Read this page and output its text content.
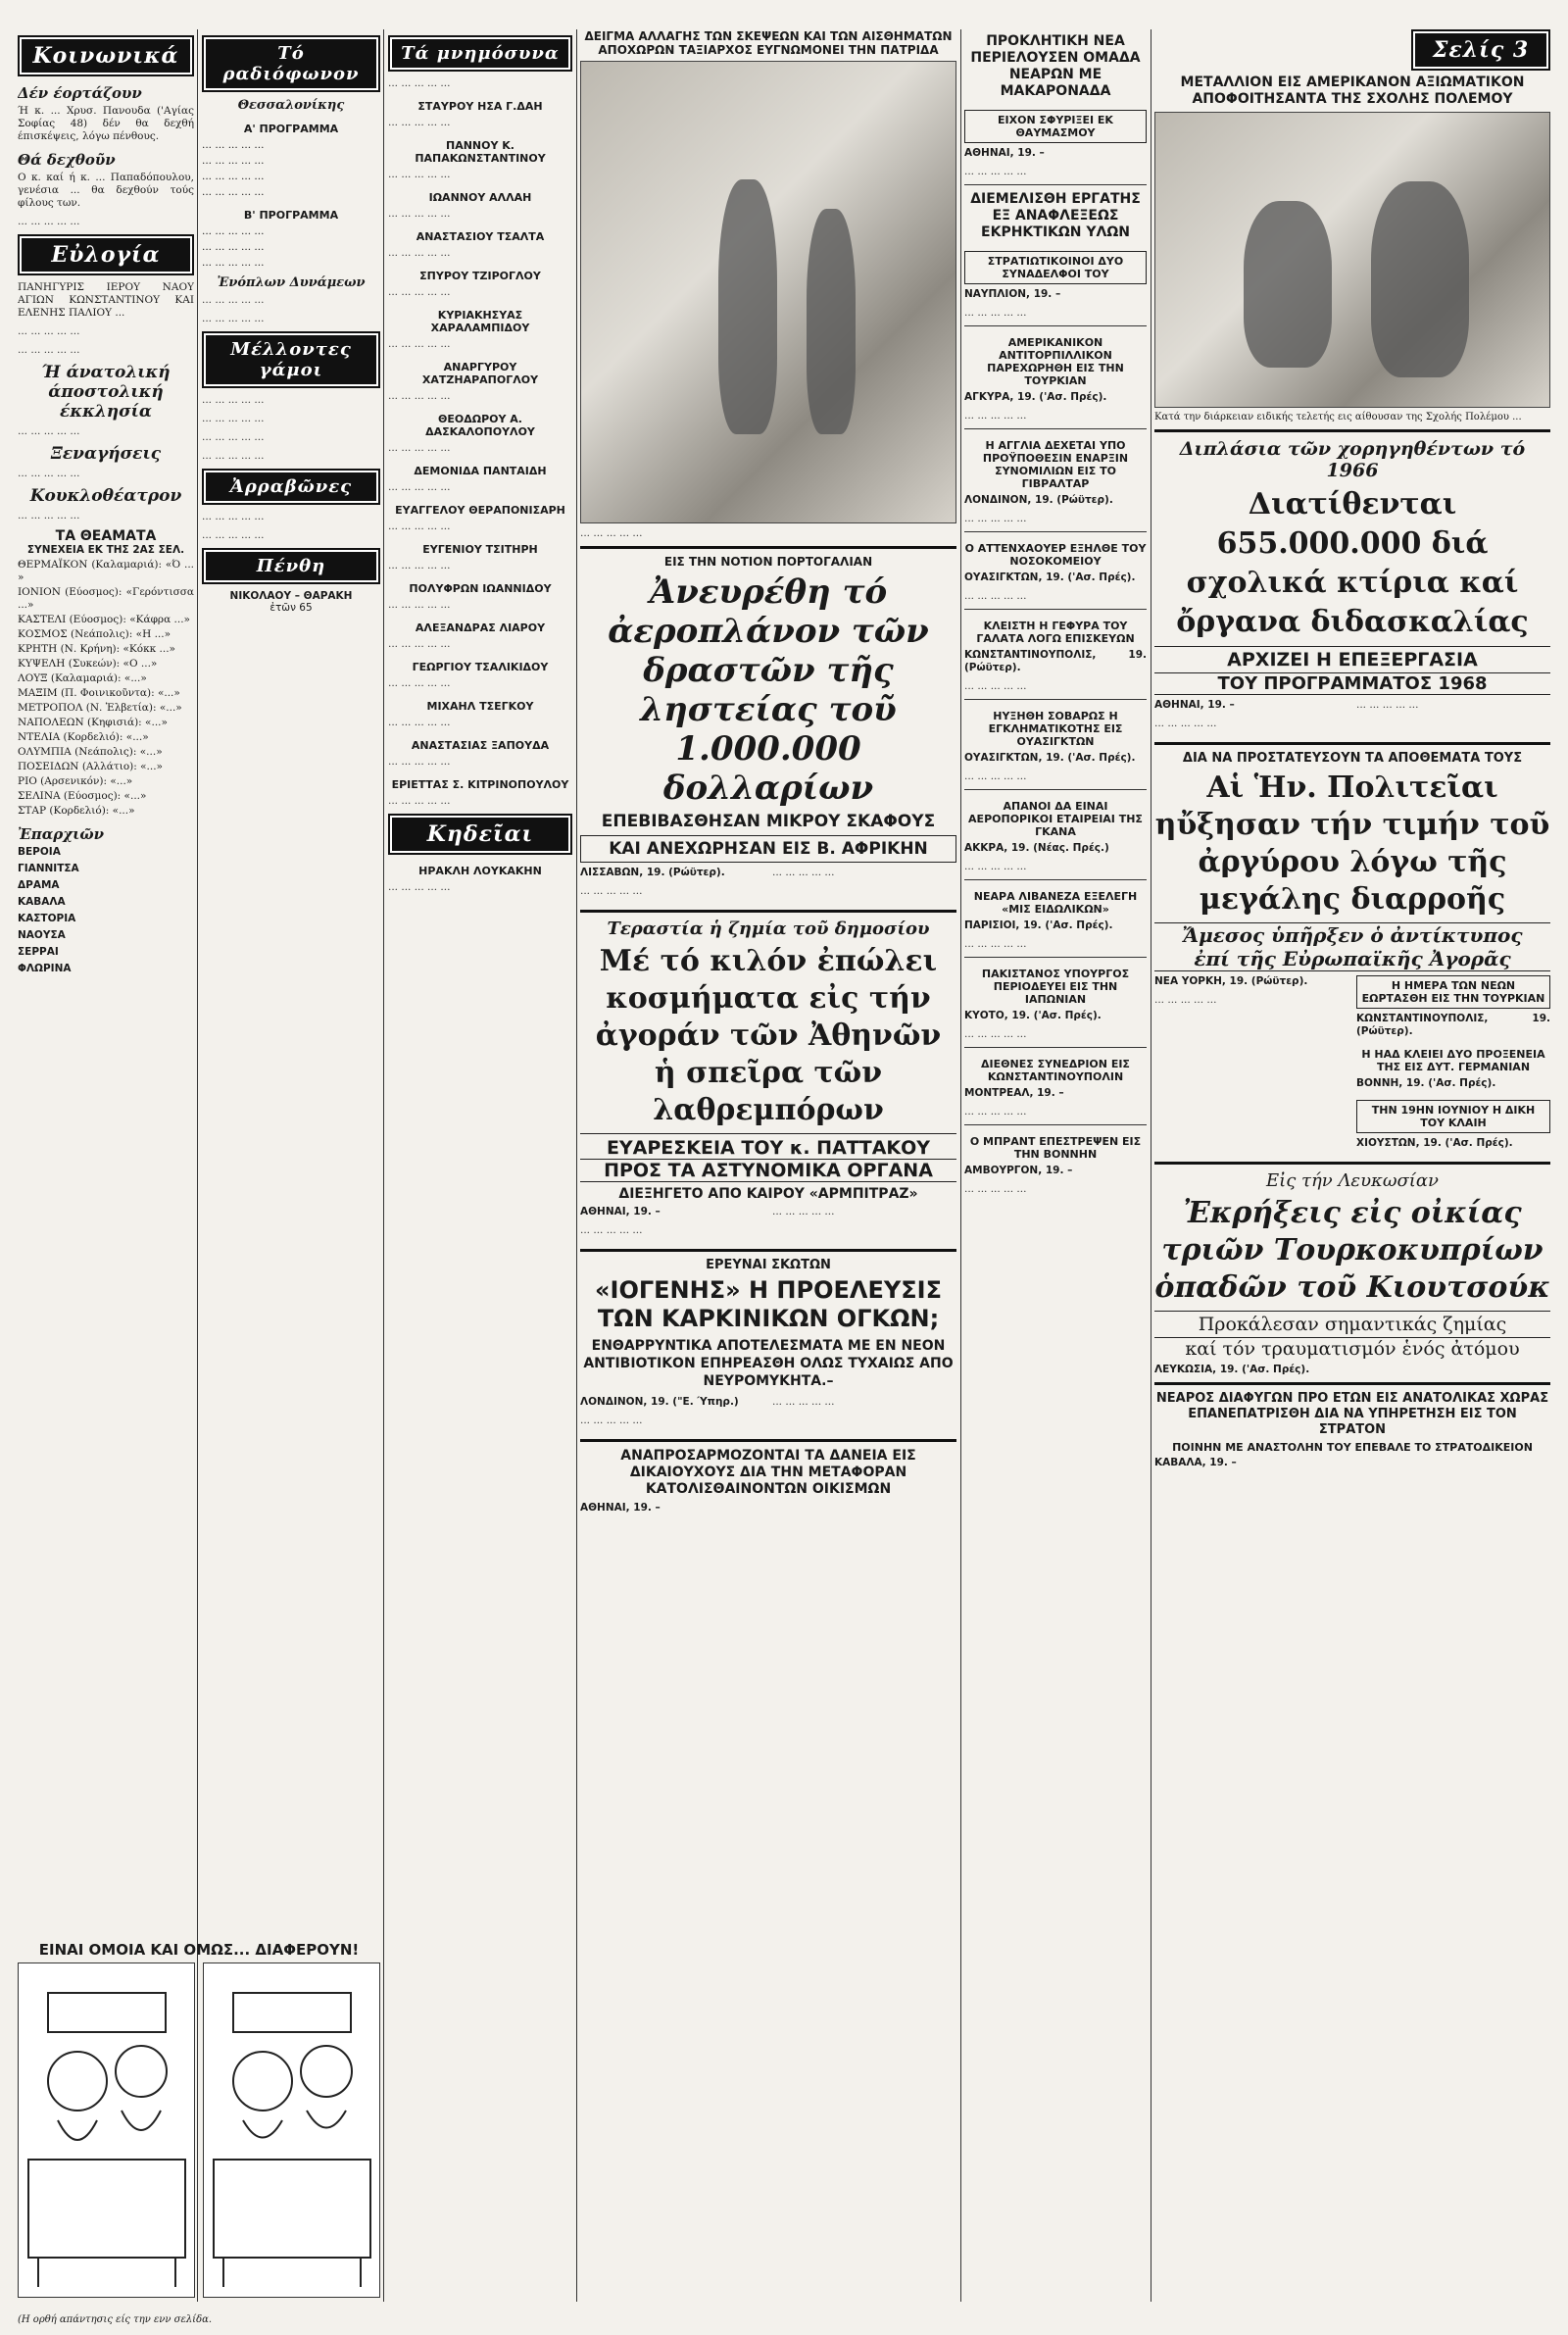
Κοινωνικά
Δέν έορτάζουν

Ή κ. ... Χρυσ. Πανουδα ('Αγίας Σοφίας 48) δέν θα δεχθή έπισκέψεις, λόγω πένθους.

Θά δεχθοῦν

Ο κ. καί ή κ. ... Παπαδόπουλου, γενέσια ... θα δεχθούν τούς φίλους των.

... ... ... ... ...

Εὐλογία

ΠΑΝΗΓΥΡΙΣ ΙΕΡΟΥ ΝΑΟΥ ΑΓΙΩΝ ΚΩΝΣΤΑΝΤΙΝΟΥ ΚΑΙ ΕΛΕΝΗΣ ΠΑΛΙΟΥ ...

... ... ... ... ...

... ... ... ... ...

Ή άνατολική άποστολική έκκλησία

... ... ... ... ...

Ξεναγήσεις

... ... ... ... ...

Κουκλοθέατρον

... ... ... ... ...

ΤΑ ΘΕΑΜΑΤΑ
ΣΥΝΕΧΕΙΑ ΕΚ ΤΗΣ 2ΑΣ ΣΕΛ.

ΘΕΡΜΑΪΚΟΝ (Καλαμαριά): «Ό ... »

ΙΟΝΙΟΝ (Εύοσμος): «Γερόντισσα ...»

ΚΑΣΤΕΛΙ (Εύοσμος): «Κάφρα ...»

ΚΟΣΜΟΣ (Νεάπολις): «Η ...»

ΚΡΗΤΗ (Ν. Κρήνη): «Κόκκ ...»

ΚΥΨΕΛΗ (Συκεών): «Ο ...»

ΛΟΥΞ (Καλαμαριά): «...»

ΜΑΞΙΜ (Π. Φοινικοῦντα): «...»

ΜΕΤΡΟΠΟΛ (Ν. Ἐλβετία): «...»

ΝΑΠΟΛΕΩΝ (Κηφισιά): «...»

ΝΤΕΛΙΑ (Κορδελιό): «...»

ΟΛΥΜΠΙΑ (Νεάπολις): «...»

ΠΟΣΕΙΔΩΝ (Αλλάτιο): «...»

ΡΙΟ (Αρσενικόν): «...»

ΣΕΛΙΝΑ (Εύοσμος): «...»

ΣΤΑΡ (Κορδελιό): «...»

Ἐπαρχιῶν

ΒΕΡΟΙΑ

ΓΙΑΝΝΙΤΣΑ

ΔΡΑΜΑ

ΚΑΒΑΛΑ

ΚΑΣΤΟΡΙΑ

ΝΑΟΥΣΑ

ΣΕΡΡΑΙ

ΦΛΩΡΙΝΑ

ΕΙΝΑΙ ΟΜΟΙΑ ΚΑΙ ΟΜΩΣ... ΔΙΑΦΕΡΟΥΝ!
(Η ορθή απάντησις είς την ενν σελίδα.
Τό ραδιόφωνον
Θεσσαλονίκης
Α' ΠΡΟΓΡΑΜΜΑ

... ... ... ... ...

... ... ... ... ...

... ... ... ... ...

... ... ... ... ...

Β' ΠΡΟΓΡΑΜΜΑ

... ... ... ... ...

... ... ... ... ...

... ... ... ... ...

Ἐνόπλων Δυνάμεων

... ... ... ... ...

... ... ... ... ...

Μέλλοντες γάμοι

... ... ... ... ...

... ... ... ... ...

... ... ... ... ...

... ... ... ... ...

Ἀρραβῶνες

... ... ... ... ...

... ... ... ... ...

Πένθη
ΝΙΚΟΛΑΟΥ – ΘΑΡΑΚΗ
ἐτῶν 65
Τά μνημόσυνα

... ... ... ... ...

ΣΤΑΥΡΟΥ ΗΣΑ Γ.ΔΑΗ

... ... ... ... ...

ΠΑΝΝΟΥ Κ. ΠΑΠΑΚΩΝΣΤΑΝΤΙΝΟΥ

... ... ... ... ...

ΙΩΑΝΝΟΥ ΑΛΛΑΗ

... ... ... ... ...

ΑΝΑΣΤΑΣΙΟΥ ΤΣΑΛΤΑ

... ... ... ... ...

ΣΠΥΡΟΥ ΤΖΙΡΟΓΛΟΥ

... ... ... ... ...

ΚΥΡΙΑΚΗΣΥΑΣ ΧΑΡΑΛΑΜΠΙΔΟΥ

... ... ... ... ...

ΑΝΑΡΓΥΡΟΥ ΧΑΤΖΗΑΡΑΠΟΓΛΟΥ

... ... ... ... ...

ΘΕΟΔΩΡΟΥ Α. ΔΑΣΚΑΛΟΠΟΥΛΟΥ

... ... ... ... ...

ΔΕΜΟΝΙΔΑ ΠΑΝΤΑΙΔΗ

... ... ... ... ...

ΕΥΑΓΓΕΛΟΥ ΘΕΡΑΠΟΝΙΣΑΡΗ

... ... ... ... ...

ΕΥΓΕΝΙΟΥ ΤΣΙΤΗΡΗ

... ... ... ... ...

ΠΟΛΥΦΡΩΝ ΙΩΑΝΝΙΔΟΥ

... ... ... ... ...

ΑΛΕΞΑΝΔΡΑΣ ΛΙΑΡΟΥ

... ... ... ... ...

ΓΕΩΡΓΙΟΥ ΤΣΑΛΙΚΙΔΟΥ

... ... ... ... ...

ΜΙΧΑΗΛ ΤΣΕΓΚΟΥ

... ... ... ... ...

ΑΝΑΣΤΑΣΙΑΣ ΞΑΠΟΥΔΑ

... ... ... ... ...

ΕΡΙΕΤΤΑΣ Σ. ΚΙΤΡΙΝΟΠΟΥΛΟΥ

... ... ... ... ...

Κηδεῖαι
ΗΡΑΚΛΗ ΛΟΥΚΑΚΗΝ

... ... ... ... ...

ΔΕΙΓΜΑ ΑΛΛΑΓΗΣ ΤΩΝ ΣΚΕΨΕΩΝ ΚΑΙ ΤΩΝ ΑΙΣΘΗΜΑΤΩΝ
ΑΠΟΧΩΡΩΝ ΤΑΞΙΑΡΧΟΣ ΕΥΓΝΩΜΟΝΕΙ ΤΗΝ ΠΑΤΡΙΔΑ

... ... ... ... ...

ΕΙΣ ΤΗΝ ΝΟΤΙΟΝ ΠΟΡΤΟΓΑΛΙΑΝ
Ἀνευρέθη τό ἀεροπλάνον τῶν δραστῶν τῆς ληστείας τοῦ 1.000.000 δολλαρίων
ΕΠΕΒΙΒΑΣΘΗΣΑΝ ΜΙΚΡΟΥ ΣΚΑΦΟΥΣ
ΚΑΙ ΑΝΕΧΩΡΗΣΑΝ ΕΙΣ Β. ΑΦΡΙΚΗΝ

ΛΙΣΣΑΒΩΝ, 19. (Ρώϋτερ).

... ... ... ... ...

... ... ... ... ...

Τεραστία ἡ ζημία τοῦ δημοσίου
Μέ τό κιλόν ἐπώλει κοσμήματα εἰς τήν ἀγοράν τῶν Ἀθηνῶν ἡ σπεῖρα τῶν λαθρεμπόρων
ΕΥΑΡΕΣΚΕΙΑ ΤΟΥ κ. ΠΑΤΤΑΚΟΥ
ΠΡΟΣ ΤΑ ΑΣΤΥΝΟΜΙΚΑ ΟΡΓΑΝΑ
ΔΙΕΞΗΓΕΤΟ ΑΠΟ ΚΑΙΡΟΥ «ΑΡΜΠΙΤΡΑΖ»

ΑΘΗΝΑΙ, 19. –

... ... ... ... ...

... ... ... ... ...

ΕΡΕΥΝΑΙ ΣΚΩΤΩΝ
«ΙΟΓΕΝΗΣ» Η ΠΡΟΕΛΕΥΣΙΣ ΤΩΝ ΚΑΡΚΙΝΙΚΩΝ ΟΓΚΩΝ;
ΕΝΘΑΡΡΥΝΤΙΚΑ ΑΠΟΤΕΛΕΣΜΑΤΑ ΜΕ ΕΝ ΝΕΟΝ ΑΝΤΙΒΙΟΤΙΚΟΝ ΕΠΗΡΕΑΣΘΗ ΟΛΩΣ ΤΥΧΑΙΩΣ ΑΠΟ ΝΕΥΡΟΜΥΚΗΤΑ.–

ΛΟΝΔΙΝΟΝ, 19. ("Ε. Ύπηρ.)

... ... ... ... ...

... ... ... ... ...

ΑΝΑΠΡΟΣΑΡΜΟΖΟΝΤΑΙ ΤΑ ΔΑΝΕΙΑ ΕΙΣ ΔΙΚΑΙΟΥΧΟΥΣ ΔΙΑ ΤΗΝ ΜΕΤΑΦΟΡΑΝ ΚΑΤΟΛΙΣΘΑΙΝΟΝΤΩΝ ΟΙΚΙΣΜΩΝ

ΑΘΗΝΑΙ, 19. –

ΠΡΟΚΛΗΤΙΚΗ ΝΕΑ ΠΕΡΙΕΛΟΥΣΕΝ ΟΜΑΔΑ ΝΕΑΡΩΝ ΜΕ ΜΑΚΑΡΟΝΑΔΑ
ΕΙΧΟΝ ΣΦΥΡΙΞΕΙ ΕΚ ΘΑΥΜΑΣΜΟΥ

ΑΘΗΝΑΙ, 19. –

... ... ... ... ...

ΔΙΕΜΕΛΙΣΘΗ ΕΡΓΑΤΗΣ ΕΞ ΑΝΑΦΛΕΞΕΩΣ ΕΚΡΗΚΤΙΚΩΝ ΥΛΩΝ
ΣΤΡΑΤΙΩΤΙΚΟΙΝΟΙ ΔΥΟ ΣΥΝΑΔΕΛΦΟΙ ΤΟΥ

ΝΑΥΠΛΙΟΝ, 19. –

... ... ... ... ...

ΑΜΕΡΙΚΑΝΙΚΟΝ ΑΝΤΙΤΟΡΠΙΛΛΙΚΟΝ ΠΑΡΕΧΩΡΗΘΗ ΕΙΣ ΤΗΝ ΤΟΥΡΚΙΑΝ

ΑΓΚΥΡΑ, 19. ('Ασ. Πρές).

... ... ... ... ...

Η ΑΓΓΛΙΑ ΔΕΧΕΤΑΙ ΥΠΟ ΠΡΟΫΠΟΘΕΣΙΝ ΕΝΑΡΞΙΝ ΣΥΝΟΜΙΛΙΩΝ ΕΙΣ ΤΟ ΓΙΒΡΑΛΤΑΡ

ΛΟΝΔΙΝΟΝ, 19. (Ρώϋτερ).

... ... ... ... ...

Ο ΑΤΤΕΝΧΑΟΥΕΡ ΕΞΗΛΘΕ ΤΟΥ ΝΟΣΟΚΟΜΕΙΟΥ

ΟΥΑΣΙΓΚΤΩΝ, 19. ('Ασ. Πρές).

... ... ... ... ...

ΚΛΕΙΣΤΗ Η ΓΕΦΥΡΑ ΤΟΥ ΓΑΛΑΤΑ ΛΟΓΩ ΕΠΙΣΚΕΥΩΝ

ΚΩΝΣΤΑΝΤΙΝΟΥΠΟΛΙΣ, 19. (Ρώϋτερ).

... ... ... ... ...

ΗΥΞΗΘΗ ΣΟΒΑΡΩΣ Η ΕΓΚΛΗΜΑΤΙΚΟΤΗΣ ΕΙΣ ΟΥΑΣΙΓΚΤΩΝ

ΟΥΑΣΙΓΚΤΩΝ, 19. ('Ασ. Πρές).

... ... ... ... ...

ΑΠΑΝΟΙ ΔΑ ΕΙΝΑΙ ΑΕΡΟΠΟΡΙΚΟΙ ΕΤΑΙΡΕΙΑΙ ΤΗΣ ΓΚΑΝΑ

ΑΚΚΡΑ, 19. (Νέας. Πρές.)

... ... ... ... ...

ΝΕΑΡΑ ΛΙΒΑΝΕΖΑ ΕΞΕΛΕΓΗ «ΜΙΣ ΕΙΔΩΛΙΚΩΝ»

ΠΑΡΙΣΙΟΙ, 19. ('Ασ. Πρές).

... ... ... ... ...

ΠΑΚΙΣΤΑΝΟΣ ΥΠΟΥΡΓΟΣ ΠΕΡΙΟΔΕΥΕΙ ΕΙΣ ΤΗΝ ΙΑΠΩΝΙΑΝ

ΚΥΟΤΟ, 19. ('Ασ. Πρές).

... ... ... ... ...

ΔΙΕΘΝΕΣ ΣΥΝΕΔΡΙΟΝ ΕΙΣ ΚΩΝΣΤΑΝΤΙΝΟΥΠΟΛΙΝ

ΜΟΝΤΡΕΑΛ, 19. –

... ... ... ... ...

Ο ΜΠΡΑΝΤ ΕΠΕΣΤΡΕΨΕΝ ΕΙΣ ΤΗΝ ΒΟΝΝΗΝ

ΑΜΒΟΥΡΓΟΝ, 19. –

... ... ... ... ...

Σελίς 3
ΜΕΤΑΛΛΙΟΝ ΕΙΣ ΑΜΕΡΙΚΑΝΟΝ ΑΞΙΩΜΑΤΙΚΟΝ ΑΠΟΦΟΙΤΗΣΑΝΤΑ ΤΗΣ ΣΧΟΛΗΣ ΠΟΛΕΜΟΥ

Κατά την διάρκειαν ειδικής τελετής εις αίθουσαν της Σχολής Πολέμου ...

Διπλάσια τῶν χορηγηθέντων τό 1966
Διατίθενται 655.000.000 διά σχολικά κτίρια καί ὄργανα διδασκαλίας
ΑΡΧΙΖΕΙ Η ΕΠΕΞΕΡΓΑΣΙΑ
ΤΟΥ ΠΡΟΓΡΑΜΜΑΤΟΣ 1968

ΑΘΗΝΑΙ, 19. –

... ... ... ... ...

... ... ... ... ...

ΔΙΑ ΝΑ ΠΡΟΣΤΑΤΕΥΣΟΥΝ ΤΑ ΑΠΟΘΕΜΑΤΑ ΤΟΥΣ
Αἱ Ἡν. Πολιτεῖαι ηὔξησαν τήν τιμήν τοῦ ἀργύρου λόγω τῆς μεγάλης διαρροῆς
Ἄμεσος ὑπῆρξεν ὁ ἀντίκτυπος
ἐπί τῆς Εὐρωπαϊκῆς Ἀγορᾶς

ΝΕΑ ΥΟΡΚΗ, 19. (Ρώϋτερ).

... ... ... ... ...

Η ΗΜΕΡΑ ΤΩΝ ΝΕΩΝ ΕΩΡΤΑΣΘΗ ΕΙΣ ΤΗΝ ΤΟΥΡΚΙΑΝ

ΚΩΝΣΤΑΝΤΙΝΟΥΠΟΛΙΣ, 19. (Ρώϋτερ).

Η ΗΑΔ ΚΛΕΙΕΙ ΔΥΟ ΠΡΟΞΕΝΕΙΑ ΤΗΣ ΕΙΣ ΔΥΤ. ΓΕΡΜΑΝΙΑΝ

ΒΟΝΝΗ, 19. ('Ασ. Πρές).

ΤΗΝ 19ΗΝ ΙΟΥΝΙΟΥ Η ΔΙΚΗ ΤΟΥ ΚΛΑΙΗ

ΧΙΟΥΣΤΩΝ, 19. ('Ασ. Πρές).

Εἰς τήν Λευκωσίαν
Ἐκρήξεις εἰς οἰκίας τριῶν Τουρκοκυπρίων ὁπαδῶν τοῦ Κιουτσούκ
Προκάλεσαν σημαντικάς ζημίας
καί τόν τραυματισμόν ἑνός ἀτόμου

ΛΕΥΚΩΣΙΑ, 19. ('Ασ. Πρές).

ΝΕΑΡΟΣ ΔΙΑΦΥΓΩΝ ΠΡΟ ΕΤΩΝ ΕΙΣ ΑΝΑΤΟΛΙΚΑΣ ΧΩΡΑΣ ΕΠΑΝΕΠΑΤΡΙΣΘΗ ΔΙΑ ΝΑ ΥΠΗΡΕΤΗΣΗ ΕΙΣ ΤΟΝ ΣΤΡΑΤΟΝ
ΠΟΙΝΗΝ ΜΕ ΑΝΑΣΤΟΛΗΝ ΤΟΥ ΕΠΕΒΑΛΕ ΤΟ ΣΤΡΑΤΟΔΙΚΕΙΟΝ

ΚΑΒΑΛΑ, 19. –
